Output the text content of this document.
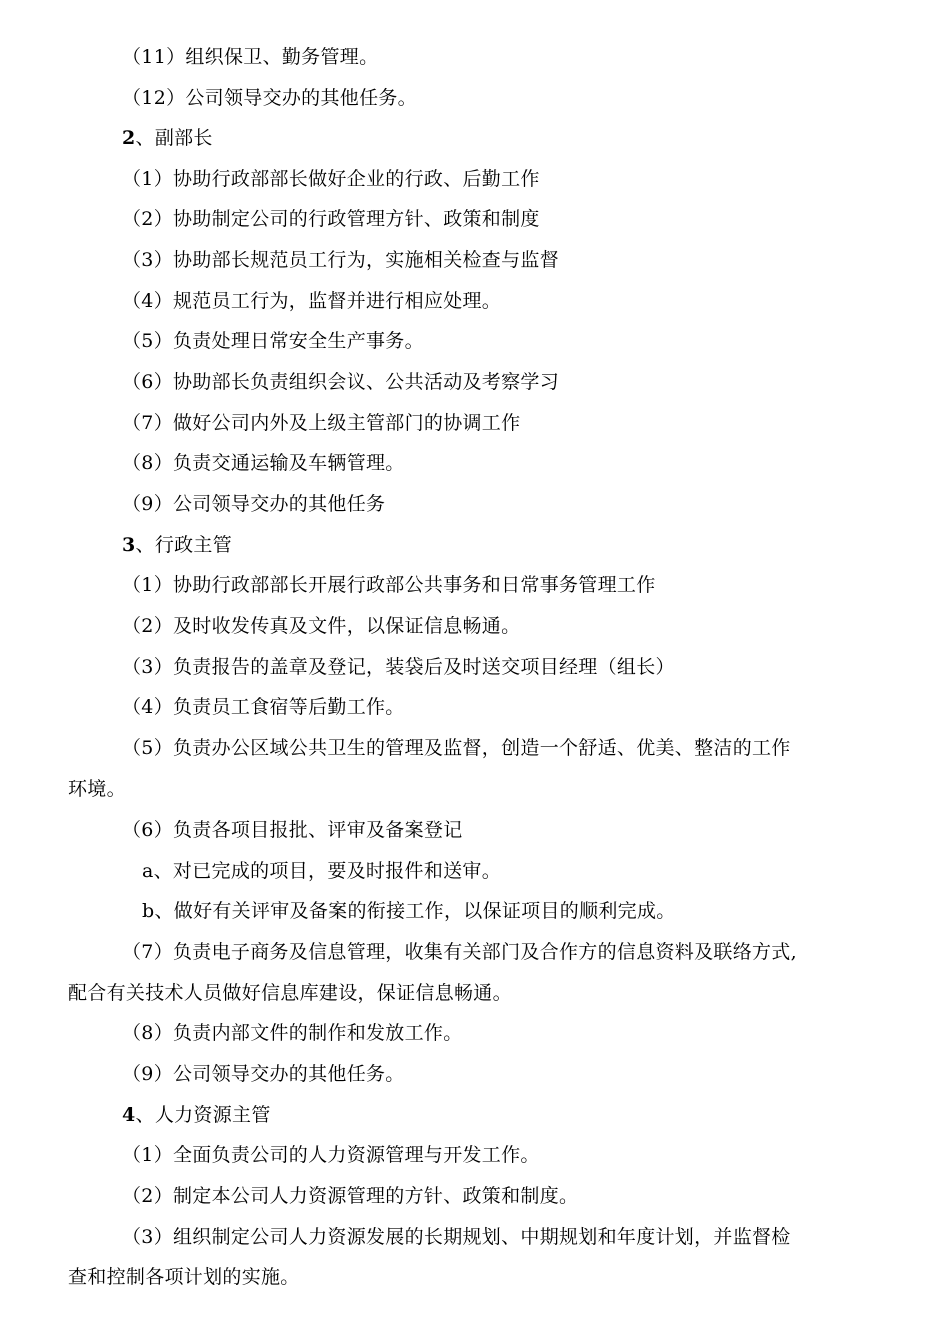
（11）组织保卫、勤务管理。
（12）公司领导交办的其他任务。
2、副部长
（1）协助行政部部长做好企业的行政、后勤工作
（2）协助制定公司的行政管理方针、政策和制度
（3）协助部长规范员工行为，实施相关检查与监督
（4）规范员工行为，监督并进行相应处理。
（5）负责处理日常安全生产事务。
（6）协助部长负责组织会议、公共活动及考察学习
（7）做好公司内外及上级主管部门的协调工作
（8）负责交通运输及车辆管理。
（9）公司领导交办的其他任务
3、行政主管
（1）协助行政部部长开展行政部公共事务和日常事务管理工作
（2）及时收发传真及文件，以保证信息畅通。
（3）负责报告的盖章及登记，装袋后及时送交项目经理（组长）
（4）负责员工食宿等后勤工作。
（5）负责办公区域公共卫生的管理及监督，创造一个舒适、优美、整洁的工作
环境。
（6）负责各项目报批、评审及备案登记
a、对已完成的项目，要及时报件和送审。
b、做好有关评审及备案的衔接工作，以保证项目的顺利完成。
（7）负责电子商务及信息管理，收集有关部门及合作方的信息资料及联络方式,
配合有关技术人员做好信息库建设，保证信息畅通。
（8）负责内部文件的制作和发放工作。
（9）公司领导交办的其他任务。
4、人力资源主管
（1）全面负责公司的人力资源管理与开发工作。
（2）制定本公司人力资源管理的方针、政策和制度。
（3）组织制定公司人力资源发展的长期规划、中期规划和年度计划，并监督检
查和控制各项计划的实施。
